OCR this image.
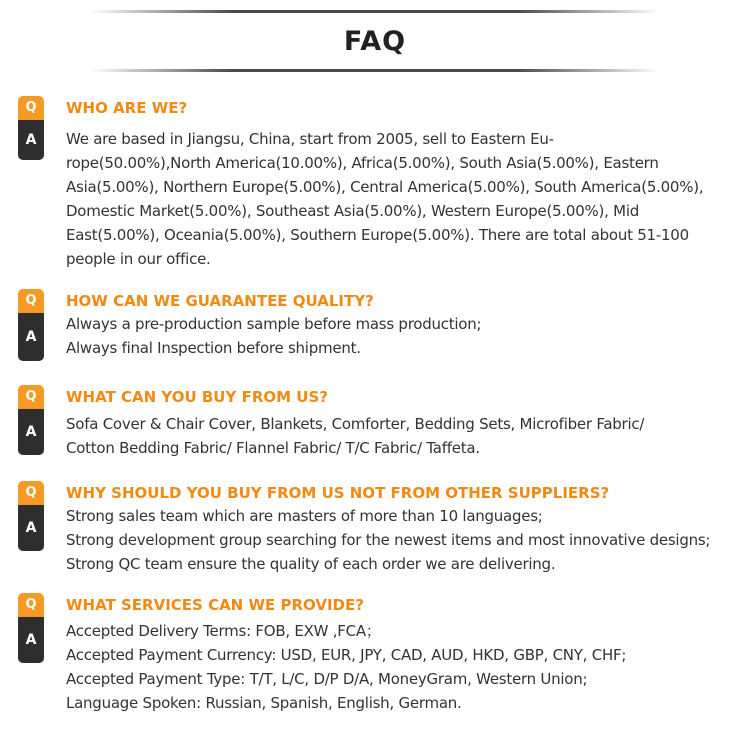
FAQ
Q
A
WHO ARE WE?
We are based in Jiangsu, China, start from 2005, sell to Eastern Eu-
rope(50.00%),North America(10.00%), Africa(5.00%), South Asia(5.00%), Eastern
Asia(5.00%), Northern Europe(5.00%), Central America(5.00%), South America(5.00%),
Domestic Market(5.00%), Southeast Asia(5.00%), Western Europe(5.00%), Mid
East(5.00%), Oceania(5.00%), Southern Europe(5.00%). There are total about 51-100
people in our office.
Q
A
HOW CAN WE GUARANTEE QUALITY?
Always a pre-production sample before mass production;
Always final Inspection before shipment.
Q
A
WHAT CAN YOU BUY FROM US?
Sofa Cover & Chair Cover, Blankets, Comforter, Bedding Sets, Microfiber Fabric/
Cotton Bedding Fabric/ Flannel Fabric/ T/C Fabric/ Taffeta.
Q
A
WHY SHOULD YOU BUY FROM US NOT FROM OTHER SUPPLIERS?
Strong sales team which are masters of more than 10 languages;
Strong development group searching for the newest items and most innovative designs;
Strong QC team ensure the quality of each order we are delivering.
Q
A
WHAT SERVICES CAN WE PROVIDE?
Accepted Delivery Terms: FOB, EXW ,FCA；
Accepted Payment Currency: USD, EUR, JPY, CAD, AUD, HKD, GBP, CNY, CHF;
Accepted Payment Type: T/T, L/C, D/P D/A, MoneyGram, Western Union;
Language Spoken: Russian, Spanish, English, German.
